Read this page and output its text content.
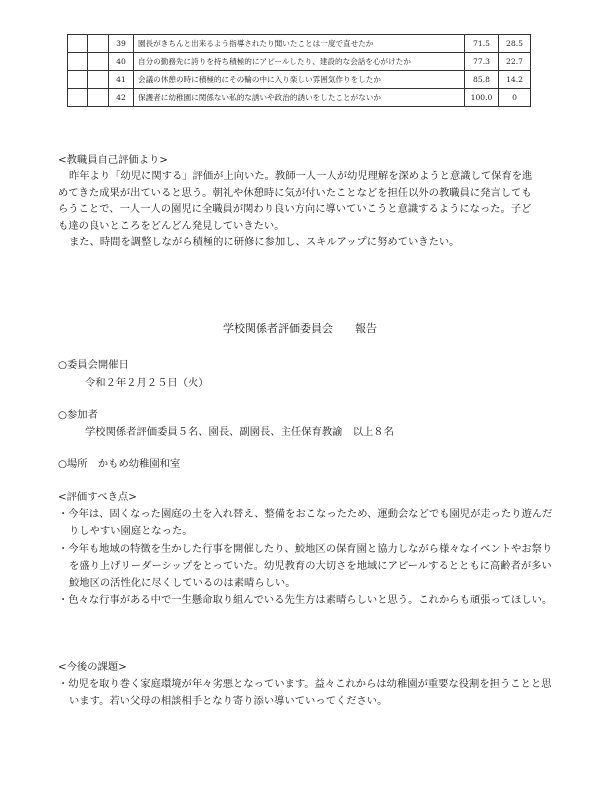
		39	園長がきちんと出来るよう指導されたり聞いたことは一度で直せたか	71.5	28.5
		40	自分の勤務先に誇りを持ち積極的にアピールしたり、建設的な会話を心がけたか	77.3	22.7
		41	会議の休憩の時に積極的にその輪の中に入り楽しい雰囲気作りをしたか	85.8	14.2
		42	保護者に幼稚園に関係ない私的な誘いや政治的誘いをしたことがないか	100.0	0

<教職員自己評価より>

昨年より「幼児に関する」評価が上向いた。教師一人一人が幼児理解を深めようと意識して保育を進めてきた成果が出ていると思う。朝礼や休憩時に気が付いたことなどを担任以外の教職員に発言してもらうことで、一人一人の園児に全職員が関わり良い方向に導いていこうと意識するようになった。子ども達の良いところをどんどん発見していきたい。

また、時間を調整しながら積極的に研修に参加し、スキルアップに努めていきたい。

学校関係者評価委員会　　報告

○委員会開催日

令和２年２月２５日（火）

○参加者

学校関係者評価委員５名、園長、副園長、主任保育教諭　以上８名

○場所　かもめ幼稚園和室

<評価すべき点>

・今年は、固くなった園庭の土を入れ替え、整備をおこなったため、運動会などでも園児が走ったり遊んだりしやすい園庭となった。

・今年も地域の特徴を生かした行事を開催したり、鮫地区の保育園と協力しながら様々なイベントやお祭りを盛り上げリーダーシップをとっていた。幼児教育の大切さを地域にアピールするとともに高齢者が多い鮫地区の活性化に尽くしているのは素晴らしい。

・色々な行事がある中で一生懸命取り組んでいる先生方は素晴らしいと思う。これからも頑張ってほしい。

<今後の課題>

・幼児を取り巻く家庭環境が年々劣悪となっています。益々これからは幼稚園が重要な役割を担うことと思います。若い父母の相談相手となり寄り添い導いていってください。
